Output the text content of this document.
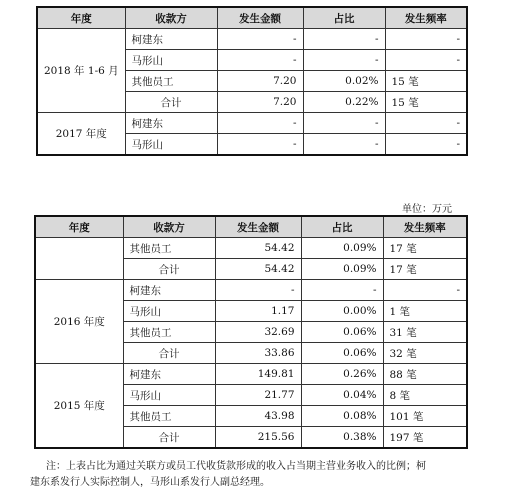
年度	收款方	发生金额	占比	发生频率
2018 年 1-6 月	柯建东	-	-	-
	马形山	-	-	-
	其他员工	7.20	0.02%	15 笔
	合计	7.20	0.22%	15 笔
2017 年度	柯建东	-	-	-
	马形山	-	-	-
单位：万元
年度	收款方	发生金额	占比	发生频率
	其他员工	54.42	0.09%	17 笔
	合计	54.42	0.09%	17 笔
2016 年度	柯建东	-	-	-
	马形山	1.17	0.00%	1 笔
	其他员工	32.69	0.06%	31 笔
	合计	33.86	0.06%	32 笔
2015 年度	柯建东	149.81	0.26%	88 笔
	马形山	21.77	0.04%	8 笔
	其他员工	43.98	0.08%	101 笔
	合计	215.56	0.38%	197 笔

注：上表占比为通过关联方或员工代收货款形成的收入占当期主营业务收入的比例；柯

建东系发行人实际控制人，马形山系发行人副总经理。
